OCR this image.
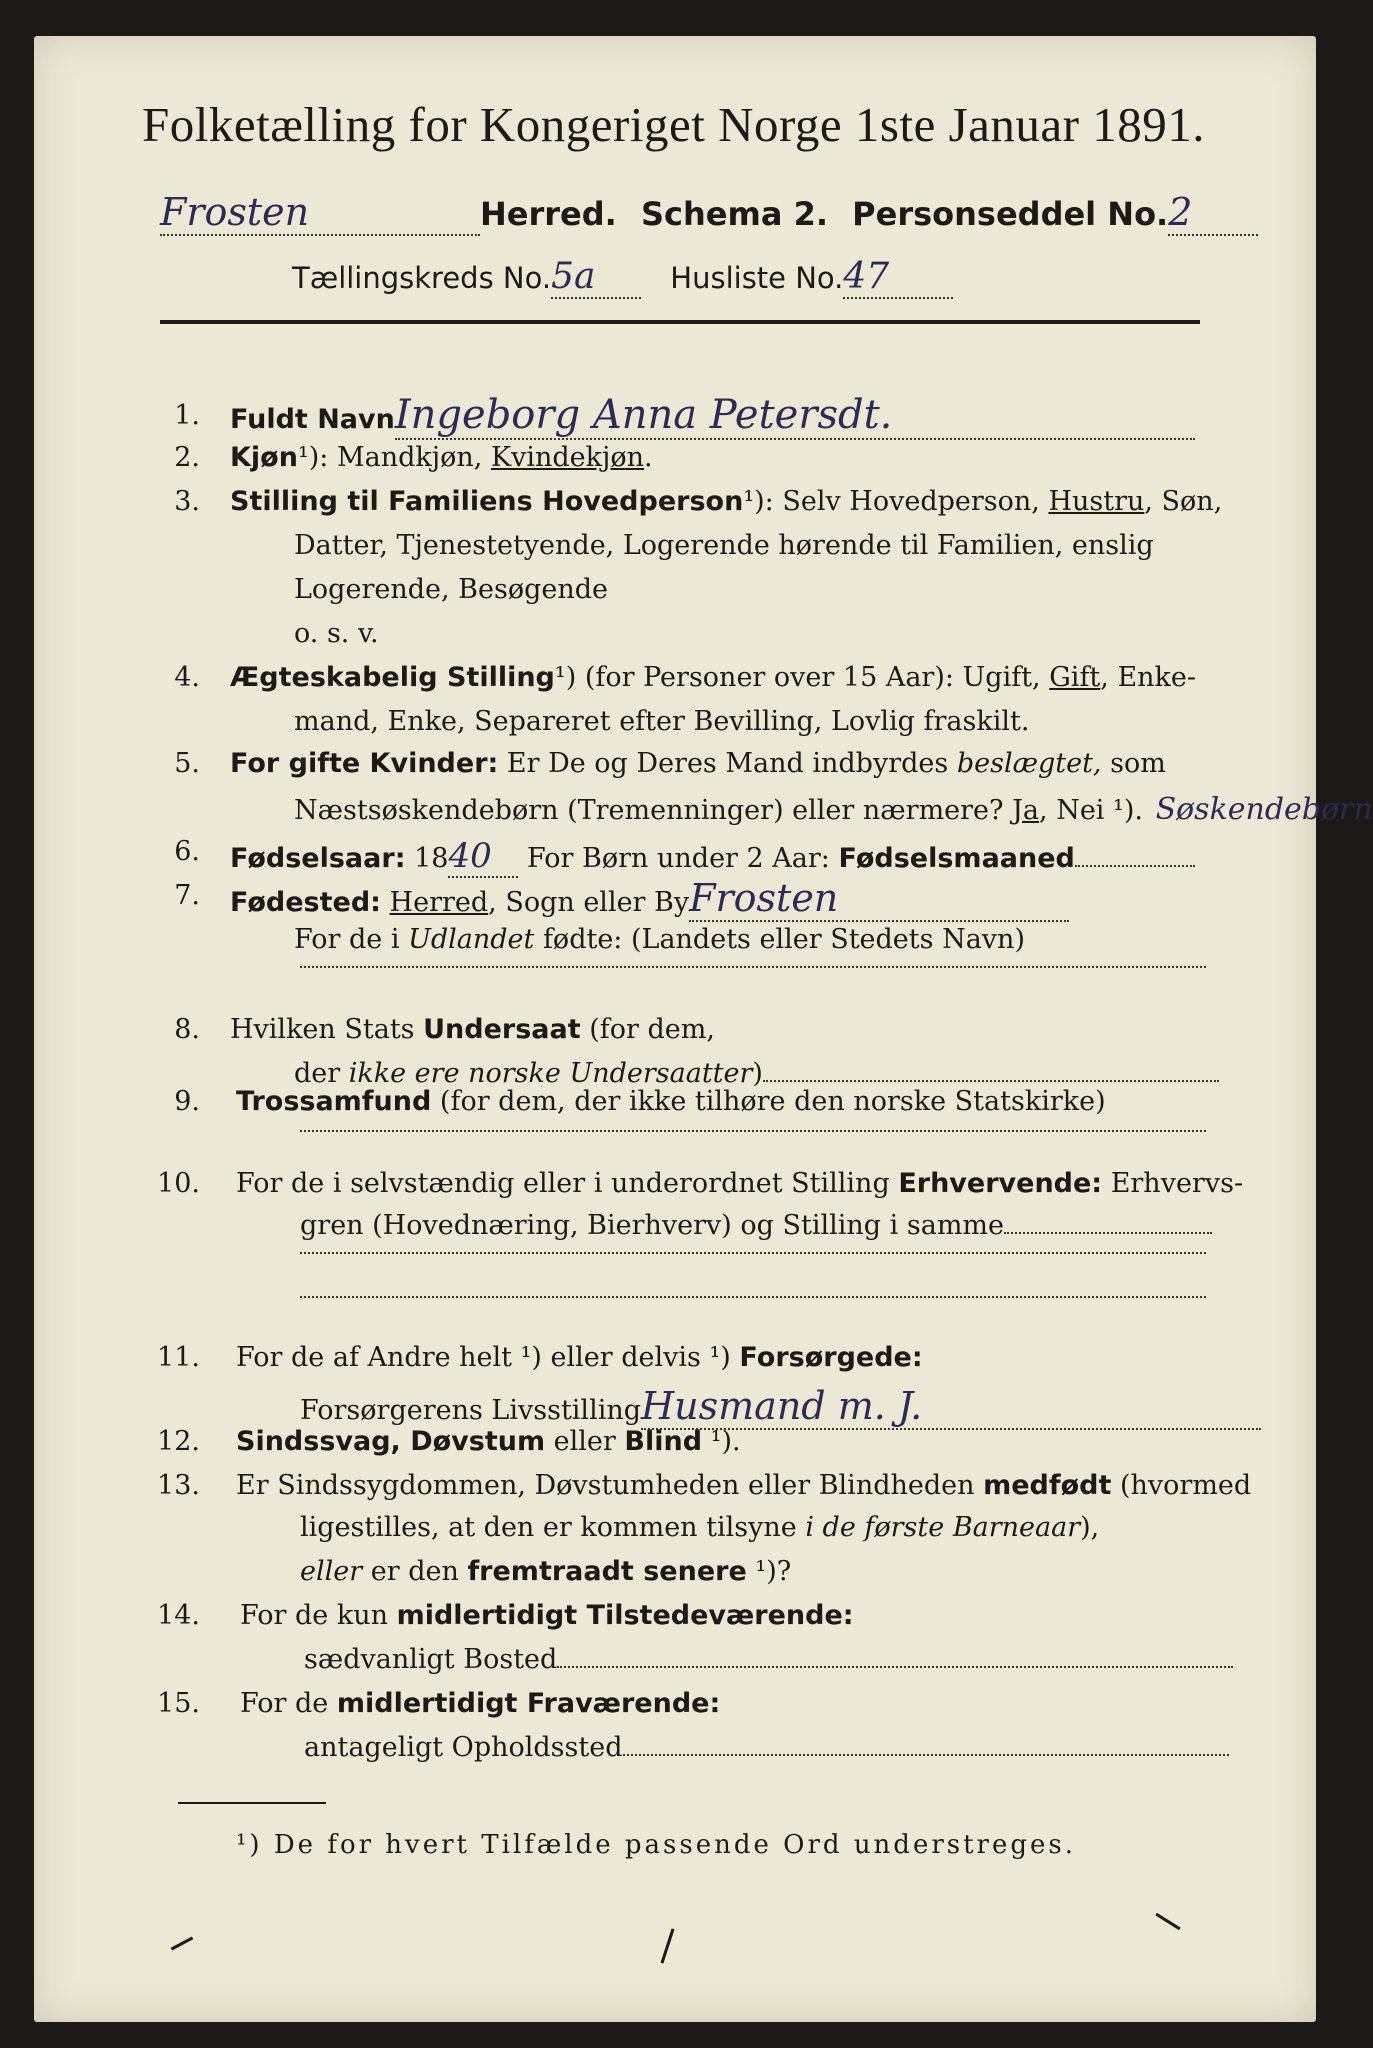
Folketælling for Kongeriget Norge 1ste Januar 1891.
Frosten	Herred. Schema 2. Personseddel No.2
Tællingskreds No.5a	Husliste No.47
1. Fuldt NavnIngeborg Anna Petersdt.
2. Kjøn¹): Mandkjøn, Kvindekjøn.
3. Stilling til Familiens Hovedperson¹): Selv Hovedperson, Hustru, Søn,
Datter, Tjenestetyende, Logerende hørende til Familien, enslig
Logerende, Besøgende
o. s. v.
4. Ægteskabelig Stilling¹) (for Personer over 15 Aar): Ugift, Gift, Enke-
mand, Enke, Separeret efter Bevilling, Lovlig fraskilt.
5. For gifte Kvinder: Er De og Deres Mand indbyrdes beslægtet, som
Næstsøskendebørn (Tremenninger) eller nærmere? Ja, Nei ¹). Søskendebørn
6. Fødselsaar: 1840 For Børn under 2 Aar: Fødselsmaaned
7. Fødested: Herred, Sogn eller ByFrosten
For de i Udlandet fødte: (Landets eller Stedets Navn)
8. Hvilken Stats Undersaat (for dem,
der ikke ere norske Undersaatter)
9. Trossamfund (for dem, der ikke tilhøre den norske Statskirke)
10. For de i selvstændig eller i underordnet Stilling Erhvervende: Erhvervs-
gren (Hovednæring, Bierhverv) og Stilling i samme
11. For de af Andre helt ¹) eller delvis ¹) Forsørgede:
Forsørgerens LivsstillingHusmand m. J.
12. Sindssvag, Døvstum eller Blind ¹).
13. Er Sindssygdommen, Døvstumheden eller Blindheden medfødt (hvormed
ligestilles, at den er kommen tilsyne i de første Barneaar),
eller er den fremtraadt senere ¹)?
14. For de kun midlertidigt Tilstedeværende:
sædvanligt Bosted
15. For de midlertidigt Fraværende:
antageligt Opholdssted
¹) De for hvert Tilfælde passende Ord understreges.
